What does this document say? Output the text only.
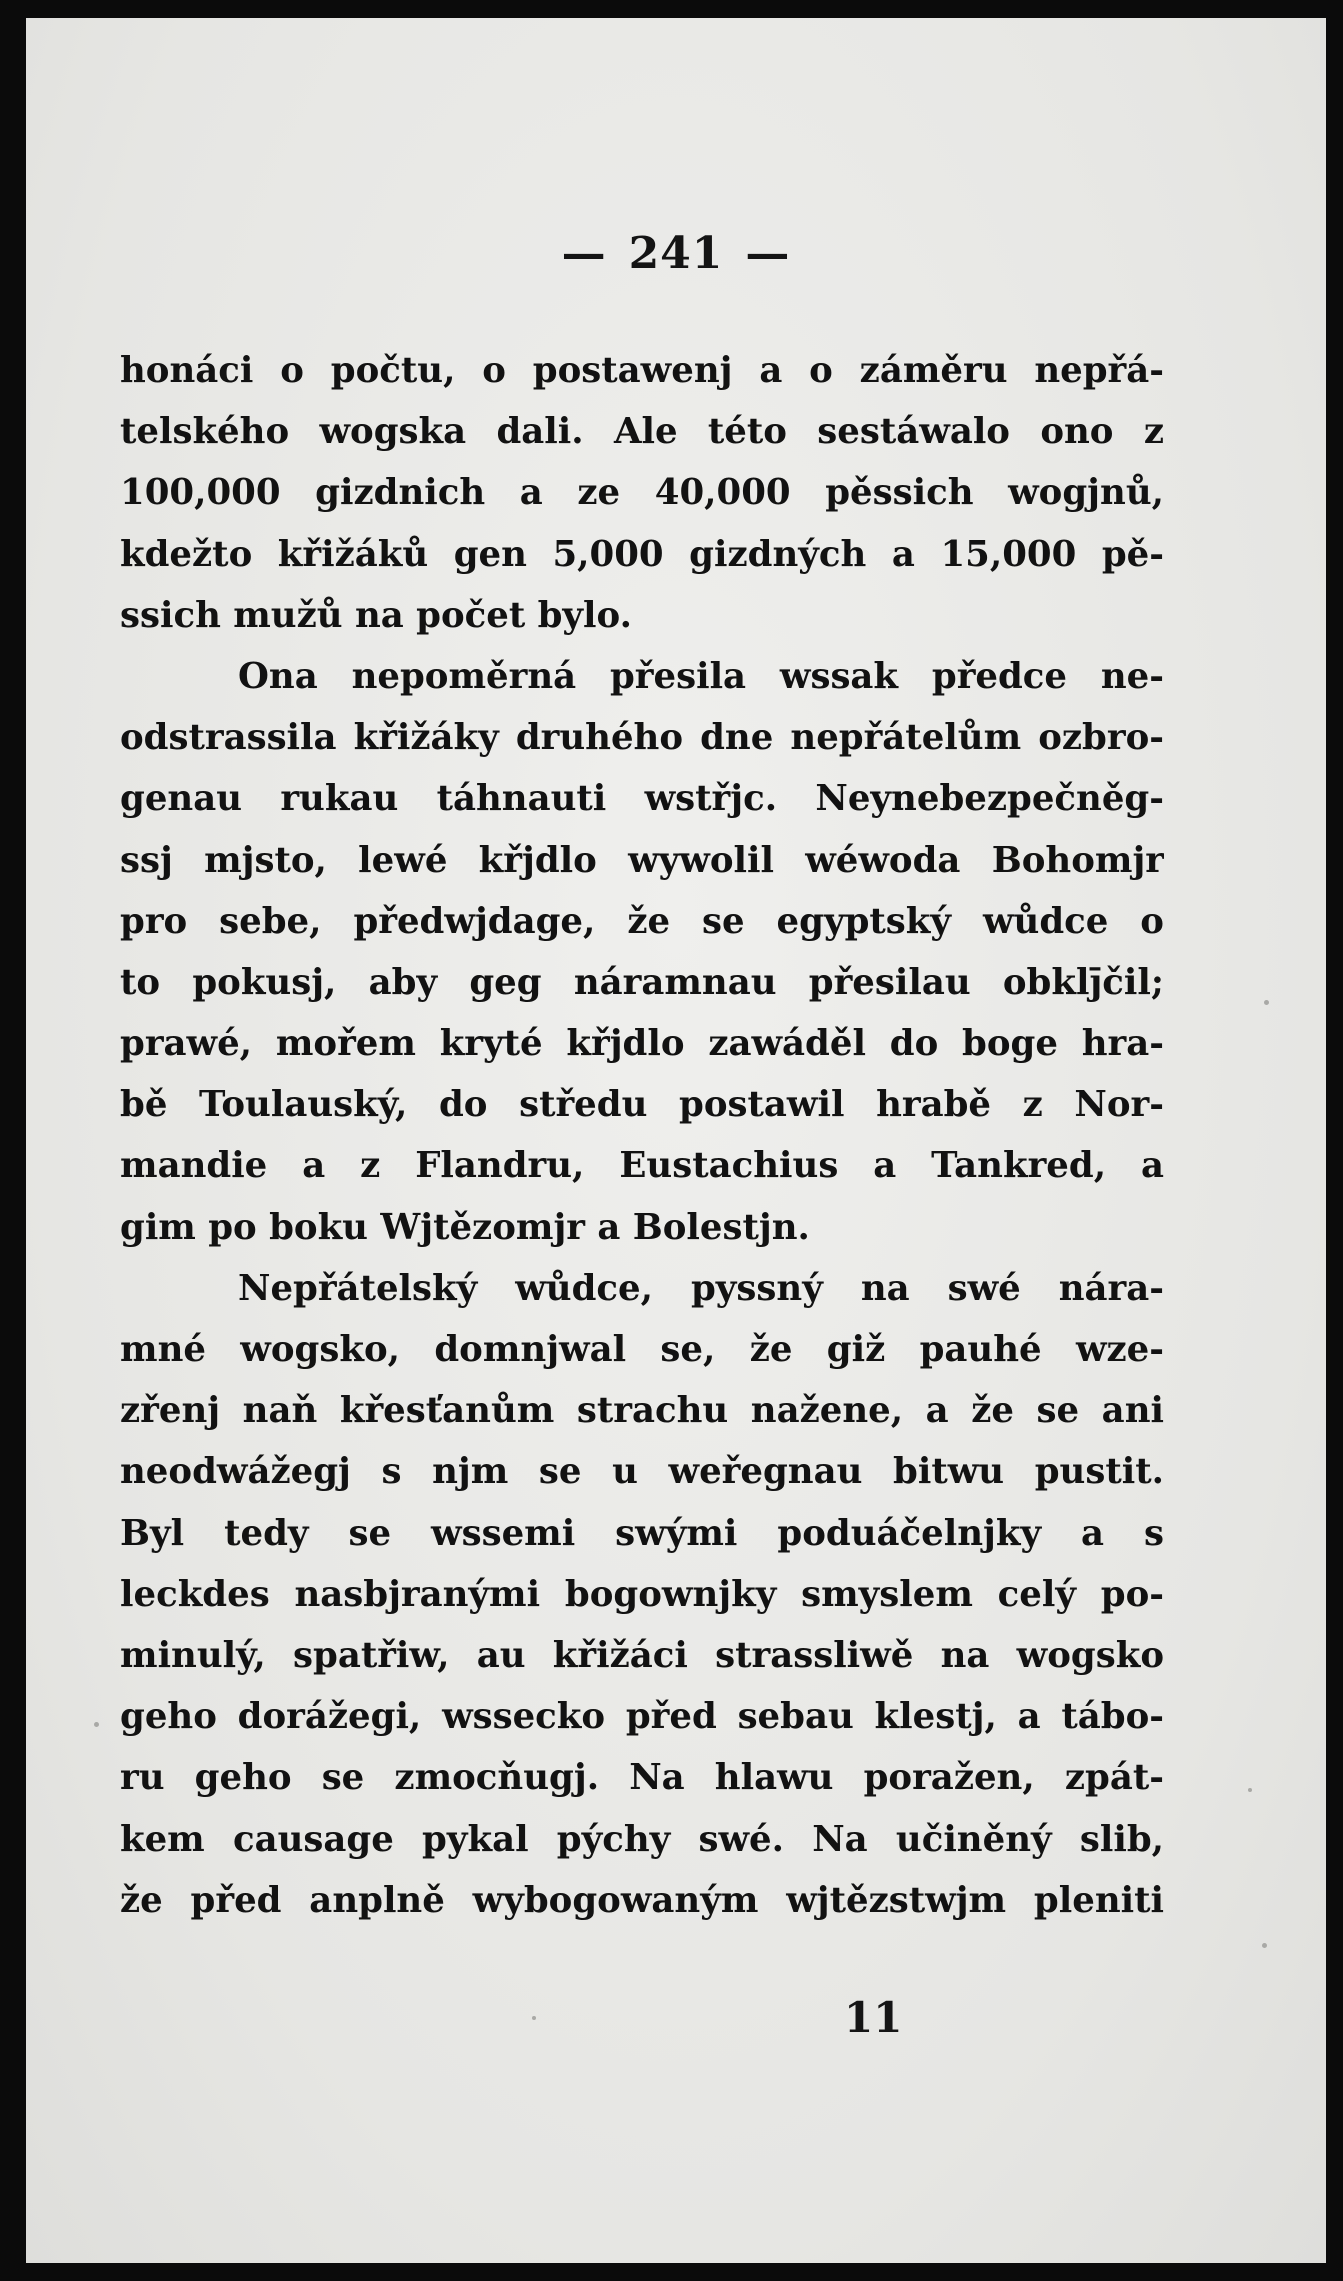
— 241 —
honáci o počtu, o postawenj a o záměru nepřá-
telského wogska dali. Ale této sestáwalo ono z
100,000 gizdnich a ze 40,000 pěssich wogjnů,
kdežto křižáků gen 5,000 gizdných a 15,000 pě-
ssich mužů na počet bylo.
Ona nepoměrná přesila wssak předce ne-
odstrassila křižáky druhého dne nepřátelům ozbro-
genau rukau táhnauti wstřjc. Neynebezpečněg-
ssj mjsto, lewé křjdlo wywolil wéwoda Bohomjr
pro sebe, předwjdage, že se egyptský wůdce o
to pokusj, aby geg náramnau přesilau obklj̄čil;
prawé, mořem kryté křjdlo zawáděl do boge hra-
bě Toulauský, do středu postawil hrabě z Nor-
mandie a z Flandru, Eustachius a Tankred, a
gim po boku Wjtězomjr a Bolestjn.
Nepřátelský wůdce, pyssný na swé nára-
mné wogsko, domnjwal se, že giž pauhé wze-
zřenj naň křesťanům strachu naženе, a že se ani
neodwážegj s njm se u weřegnau bitwu pustit.
Byl tedy se wssemi swými poduáčelnjky a s
leckdes nasbjranými bogownjky smyslem celý po-
minulý, spatřiw, au křižáci strasslіwě na wogsko
geho dorážegi, wssecko před sebau klestj, a tábo-
ru geho se zmocňugj. Na hlawu poražen, zpát-
kem causage pykal pýchy swé. Na učiněný slib,
že před anplně wybogowaným wjtězstwjm pleniti
11
